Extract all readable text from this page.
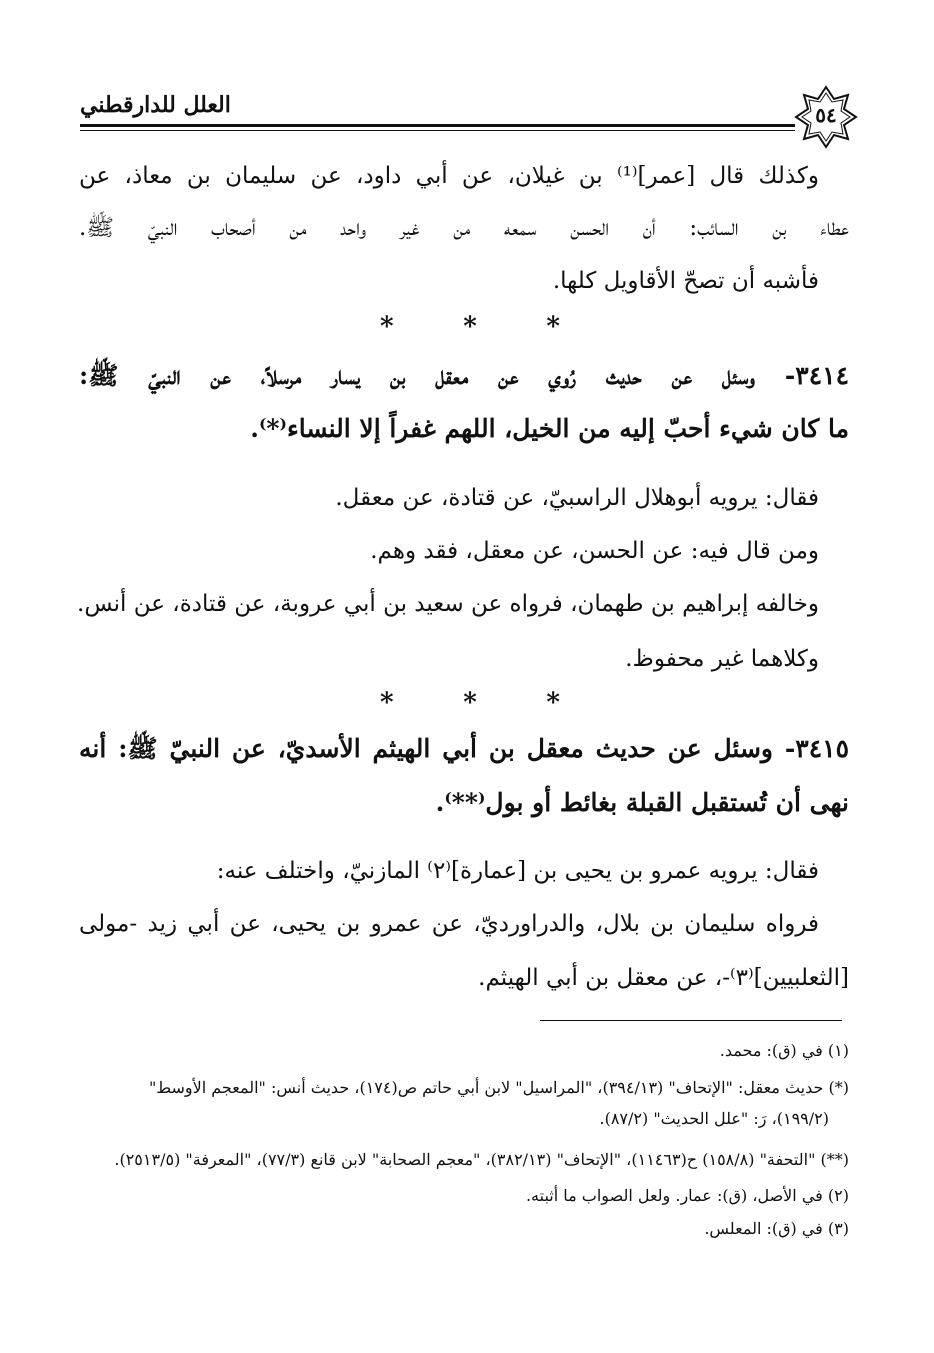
العلل للدارقطني	٥٤
وكذلك قال [عمر]⁽¹⁾ بن غيلان، عن أبي داود، عن سليمان بن معاذ، عن
عطاء بن السائب: أن الحسن سمعه من غير واحد من أصحاب النبيّ ﷺ.
فأشبه أن تصحّ الأقاويل كلها.
*	*	*
٣٤١٤- وسئل عن حديث رُوي عن معقل بن يسار مرسلاً، عن النبيّ ﷺ:
ما كان شيء أحبّ إليه من الخيل، اللهم غفراً إلا النساء⁽*⁾.
فقال: يرويه أبوهلال الراسبيّ، عن قتادة، عن معقل.
ومن قال فيه: عن الحسن، عن معقل، فقد وهم.
وخالفه إبراهيم بن طهمان، فرواه عن سعيد بن أبي عروبة، عن قتادة، عن أنس.
وكلاهما غير محفوظ.
*	*	*
٣٤١٥- وسئل عن حديث معقل بن أبي الهيثم الأسديّ، عن النبيّ ﷺ: أنه
نهى أن تُستقبل القبلة بغائط أو بول⁽**⁾.
فقال: يرويه عمرو بن يحيى بن [عمارة]⁽٢⁾ المازنيّ، واختلف عنه:
فرواه سليمان بن بلال، والدراورديّ، عن عمرو بن يحيى، عن أبي زيد -مولى
[الثعلبيين]⁽٣⁾-، عن معقل بن أبي الهيثم.
(١) في (ق): محمد.
(*) حديث معقل: "الإتحاف" (٣٩٤/١٣)، "المراسيل" لابن أبي حاتم ص(١٧٤)، حديث أنس: "المعجم الأوسط"
(١٩٩/٢)، رَ: "علل الحديث" (٨٧/٢).
(**) "التحفة" (١٥٨/٨) ح(١١٤٦٣)، "الإتحاف" (٣٨٢/١٣)، "معجم الصحابة" لابن قانع (٧٧/٣)، "المعرفة" (٢٥١٣/٥).
(٢) في الأصل، (ق): عمار. ولعل الصواب ما أثبته.
(٣) في (ق): المعلس.
